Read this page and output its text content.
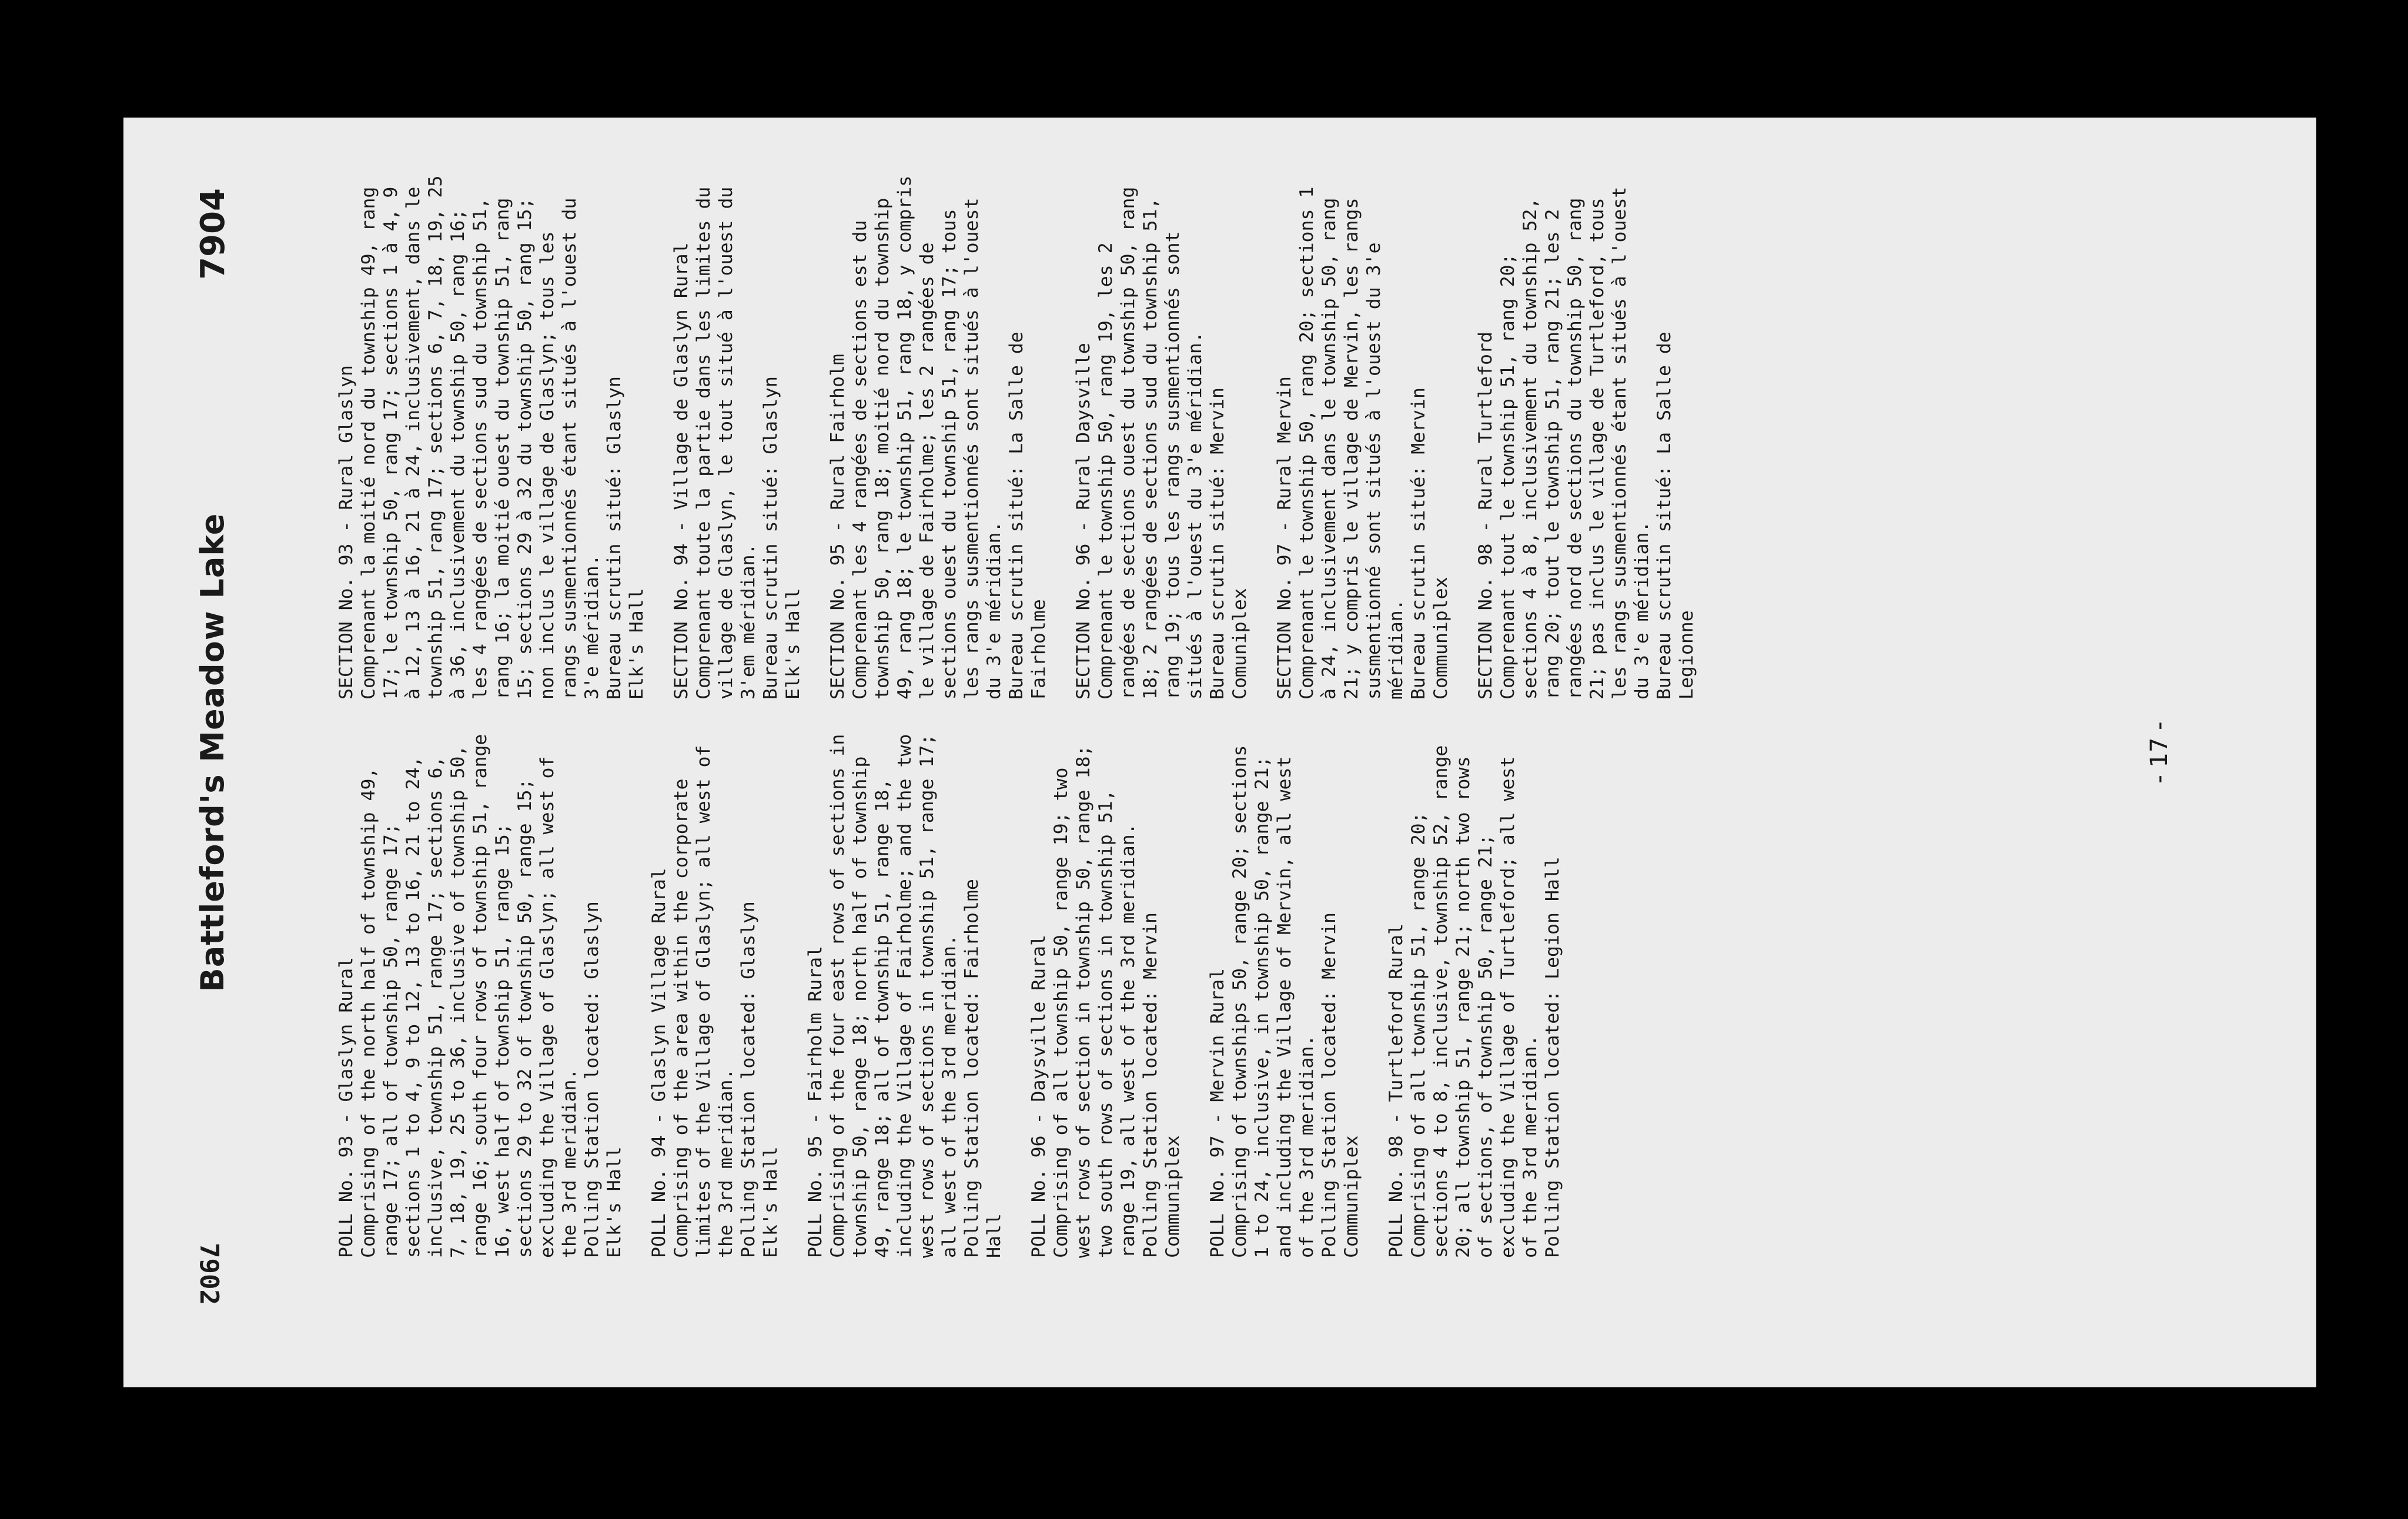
7902
Battleford's Meadow Lake
7904
POLL No. 93 - Glaslyn Rural Comprising of the north half of township 49, range 17; all of township 50, range 17; sections 1 to 4, 9 to 12, 13 to 16, 21 to 24, inclusive, township 51, range 17; sections 6, 7, 18, 19, 25 to 36, inclusive of township 50, range 16; south four rows of township 51, range 16, west half of township 51, range 15; sections 29 to 32 of township 50, range 15; excluding the Village of Glaslyn; all west of the 3rd meridian. Polling Station located: Glaslyn Elk's Hall POLL No. 94 - Glaslyn Village Rural Comprising of the area within the corporate limites of the Village of Glaslyn; all west of the 3rd meridian. Polling Station located: Glaslyn Elk's Hall POLL No. 95 - Fairholm Rural Comprising of the four east rows of sections in township 50, range 18; north half of township 49, range 18; all of township 51, range 18, including the Village of Fairholme; and the two west rows of sections in township 51, range 17; all west of the 3rd meridian. Polling Station located: Fairholme Hall POLL No. 96 - Daysville Rural Comprising of all township 50, range 19; two west rows of section in township 50, range 18; two south rows of sections in township 51, range 19, all west of the 3rd meridian. Polling Station located: Mervin Communiplex POLL No. 97 - Mervin Rural Comprising of townships 50, range 20; sections 1 to 24, inclusive, in township 50, range 21; and including the Village of Mervin, all west of the 3rd meridian. Polling Station located: Mervin Communiplex POLL No. 98 - Turtleford Rural Comprising of all township 51, range 20; sections 4 to 8, inclusive, township 52, range 20; all township 51, range 21; north two rows of sections, of township 50, range 21; excluding the Village of Turtleford; all west of the 3rd meridian. Polling Station located: Legion Hall
SECTION No. 93 - Rural Glaslyn Comprenant la moitié nord du township 49, rang 17; le township 50, rang 17; sections 1 à 4, 9 à 12, 13 à 16, 21 à 24, inclusivement, dans le township 51, rang 17; sections 6, 7, 18, 19, 25 à 36, inclusivement du township 50, rang 16; les 4 rangées de sections sud du township 51, rang 16; la moitié ouest du township 51, rang 15; sections 29 à 32 du township 50, rang 15; non inclus le village de Glaslyn; tous les rangs susmentionnés étant situés à l'ouest du 3'e méridian. Bureau scrutin situé: Glaslyn Elk's Hall SECTION No. 94 - Village de Glaslyn Rural Comprenant toute la partie dans les limites du village de Glaslyn, le tout situé à l'ouest du 3'em méridian. Bureau scrutin situé: Glaslyn Elk's Hall SECTION No. 95 - Rural Fairholm Comprenant les 4 rangées de sections est du township 50, rang 18; moitié nord du township 49, rang 18; le township 51, rang 18, y compris le village de Fairholme; les 2 rangées de sections ouest du township 51, rang 17; tous les rangs susmentionnés sont situés à l'ouest du 3'e méridian. Bureau scrutin situé: La Salle de Fairholme SECTION No. 96 - Rural Daysville Comprenant le township 50, rang 19, les 2 rangées de sections ouest du township 50, rang 18; 2 rangées de sections sud du township 51, rang 19; tous les rangs susmentionnés sont situés à l'ouest du 3'e méridian. Bureau scrutin situé: Mervin Comuniplex SECTION No. 97 - Rural Mervin Comprenant le township 50, rang 20; sections 1 à 24, inclusivement dans le township 50, rang 21; y compris le village de Mervin, les rangs susmentionné sont situés à l'ouest du 3'e méridian. Bureau scrutin situé: Mervin Communiplex SECTION No. 98 - Rural Turtleford Comprenant tout le township 51, rang 20; sections 4 à 8, inclusivement du township 52, rang 20; tout le township 51, rang 21; les 2 rangées nord de sections du township 50, rang 21; pas inclus le village de Turtleford, tous les rangs susmentionnés étant situés à l'ouest du 3'e méridian. Bureau scrutin situé: La Salle de Legionne
- 17 -
